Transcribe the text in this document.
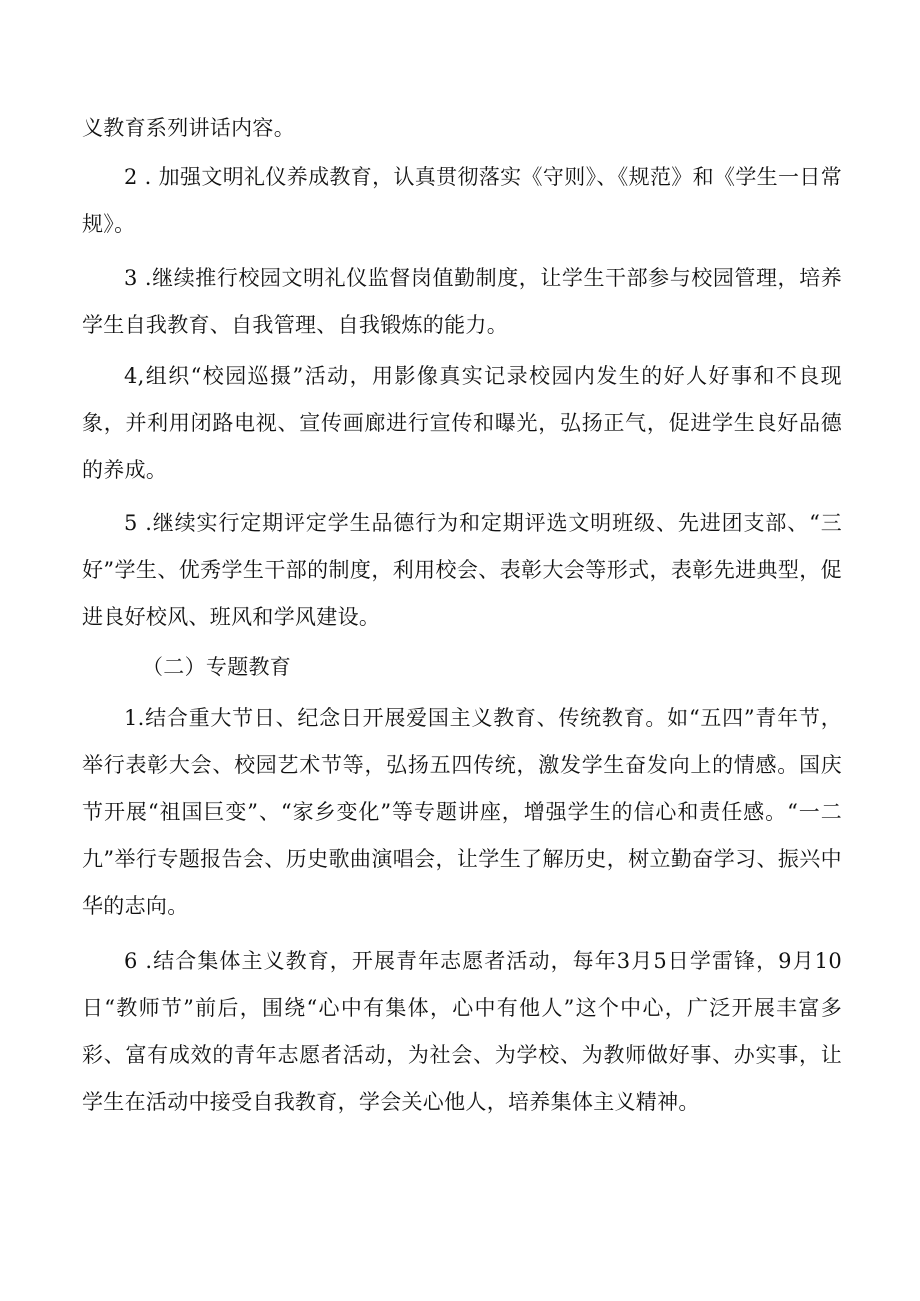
义教育系列讲话内容。

2 . 加强文明礼仪养成教育，认真贯彻落实《守则》、《规范》和《学生一日常规》。

3 .继续推行校园文明礼仪监督岗值勤制度，让学生干部参与校园管理，培养学生自我教育、自我管理、自我锻炼的能力。

4,组织“校园巡摄”活动，用影像真实记录校园内发生的好人好事和不良现象，并利用闭路电视、宣传画廊进行宣传和曝光，弘扬正气，促进学生良好品德的养成。

5 .继续实行定期评定学生品德行为和定期评选文明班级、先进团支部、“三好”学生、优秀学生干部的制度，利用校会、表彰大会等形式，表彰先进典型，促进良好校风、班风和学风建设。

（二）专题教育

1.结合重大节日、纪念日开展爱国主义教育、传统教育。如“五四”青年节，举行表彰大会、校园艺术节等，弘扬五四传统，激发学生奋发向上的情感。国庆节开展“祖国巨变”、“家乡变化”等专题讲座，增强学生的信心和责任感。“一二九”举行专题报告会、历史歌曲演唱会，让学生了解历史，树立勤奋学习、振兴中华的志向。

6 .结合集体主义教育，开展青年志愿者活动，每年3月5日学雷锋，9月10日“教师节”前后，围绕“心中有集体，心中有他人”这个中心，广泛开展丰富多彩、富有成效的青年志愿者活动，为社会、为学校、为教师做好事、办实事，让学生在活动中接受自我教育，学会关心他人，培养集体主义精神。
